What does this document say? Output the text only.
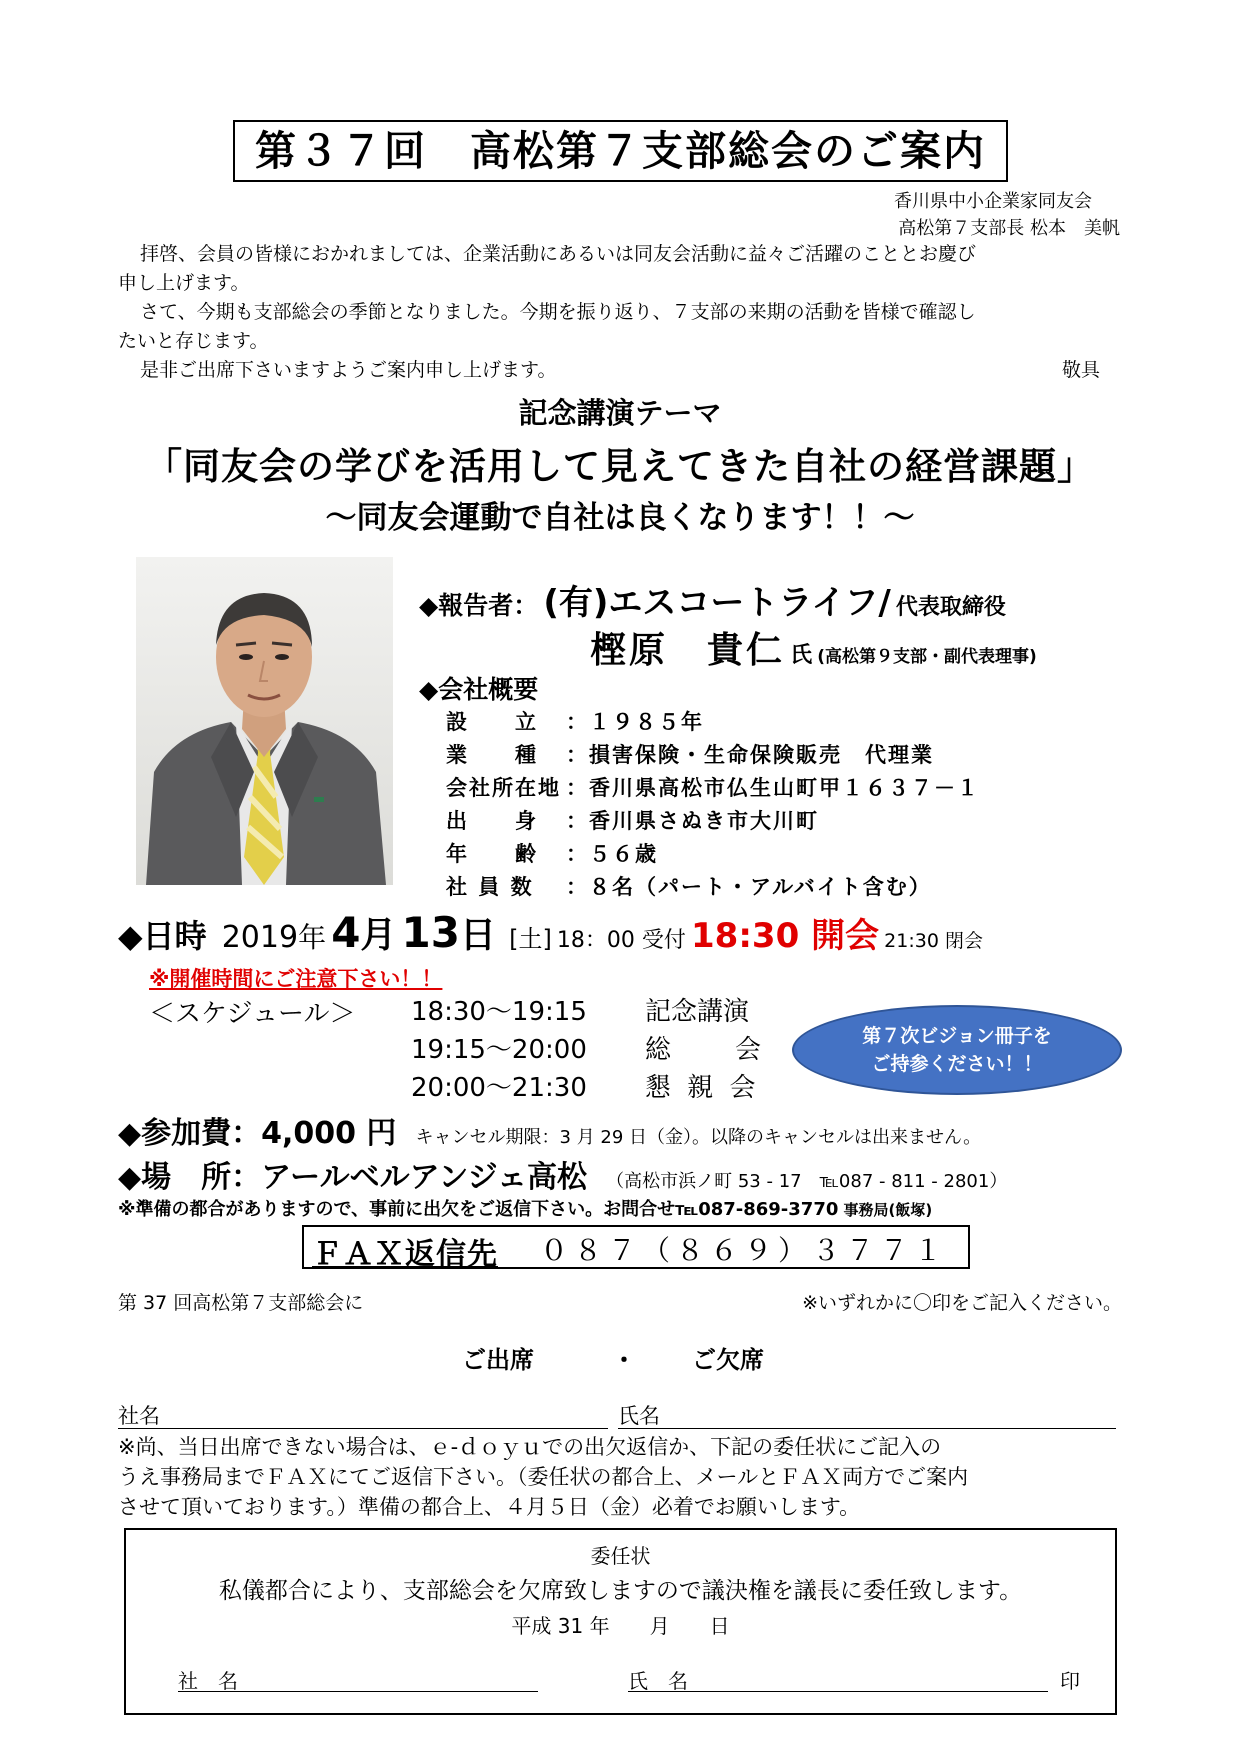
第３７回　高松第７支部総会のご案内
香川県中小企業家同友会
高松第７支部長 松本　美帆
拝啓、会員の皆様におかれましては、企業活動にあるいは同友会活動に益々ご活躍のこととお慶び
申し上げます。
さて、今期も支部総会の季節となりました。今期を振り返り、７支部の来期の活動を皆様で確認し
たいと存じます。
是非ご出席下さいますようご案内申し上げます。	敬具
記念講演テーマ
「同友会の学びを活用して見えてきた自社の経営課題」
～同友会運動で自社は良くなります！！～
◆報告者： (有)エスコートライフ/ 代表取締役
樫原　貴仁 氏 (高松第９支部・副代表理事)
◆会社概要
設　　立 ：１９８５年
業　　種 ：損害保険・生命保険販売　代理業
会社所在地 ：香川県高松市仏生山町甲１６３７－１
出　　身 ：香川県さぬき市大川町
年　　齢 ：５６歳
社 員 数 ：８名（パート・アルバイト含む）
◆日時 2019年 4月 13日 [土] 18：00 受付 18:30 開会 21:30 閉会
※開催時間にご注意下さい！！
＜スケジュール＞ 18:30～19:15 記念講演
19:15～20:00 総　　会
20:00～21:30 懇 親 会
第７次ビジョン冊子を
ご持参ください！！
◆参加費：4,000 円 キャンセル期限：3 月 29 日（金）。以降のキャンセルは出来ません。
◆場　所：アールベルアンジェ高松 （高松市浜ノ町 53 - 17　℡087 - 811 - 2801）
※準備の都合がありますので、事前に出欠をご返信下さい。お問合せ℡087-869-3770 事務局(飯塚)
ＦＡＸ返信先 ０８７（８６９）３７７１
第 37 回高松第７支部総会に	※いずれかに〇印をご記入ください。
ご出席	・ ご欠席
社名	氏名
※尚、当日出席できない場合は、ｅ‐ｄｏｙｕでの出欠返信か、下記の委任状にご記入の
うえ事務局までＦＡＸにてご返信下さい。（委任状の都合上、メールとＦＡＸ両方でご案内
させて頂いております。）準備の都合上、４月５日（金）必着でお願いします。
委任状
私儀都合により、支部総会を欠席致しますので議決権を議長に委任致します。
平成 31 年　　月　　日
社　名	氏　名	印
